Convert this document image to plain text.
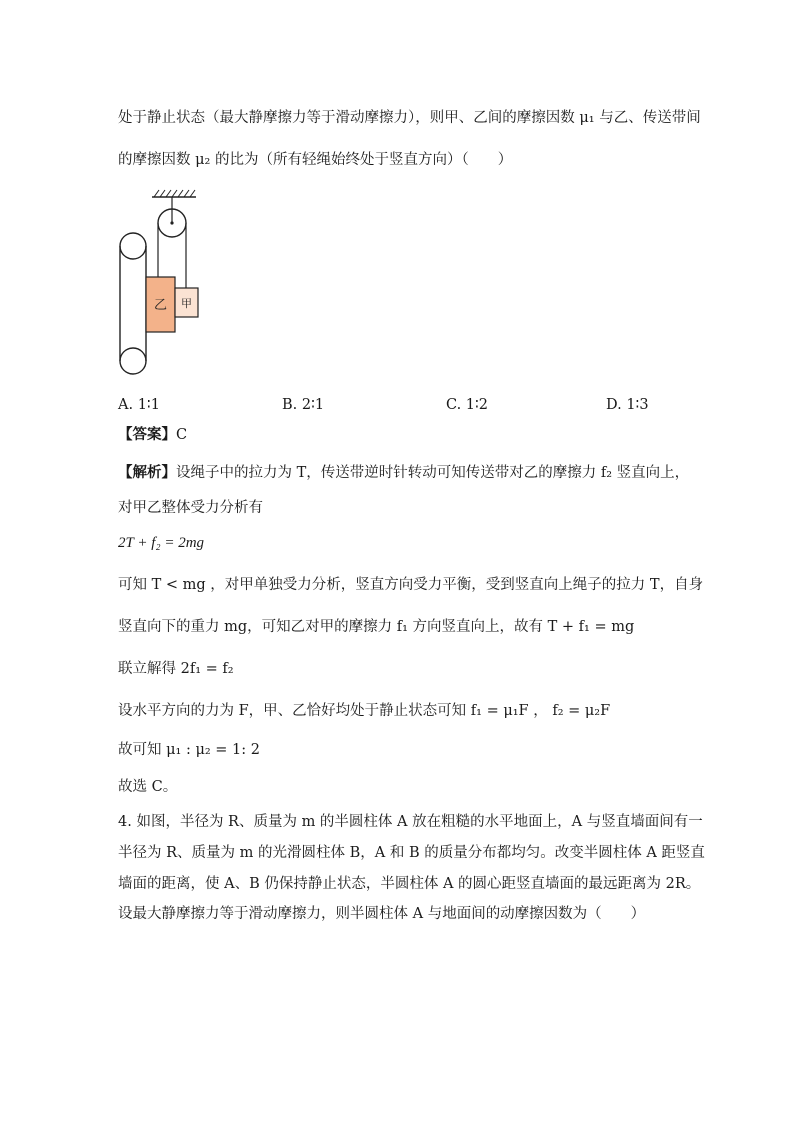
处于静止状态（最大静摩擦力等于滑动摩擦力），则甲、乙间的摩擦因数 μ₁ 与乙、传送带间
的摩擦因数 μ₂ 的比为（所有轻绳始终处于竖直方向）（　　）
乙 甲
A. 1∶1	B. 2∶1	C. 1∶2	D. 1∶3
【答案】C
【解析】设绳子中的拉力为 T，传送带逆时针转动可知传送带对乙的摩擦力 f₂ 竖直向上，
对甲乙整体受力分析有
2T + f₂ = 2mg
可知 T < mg ，对甲单独受力分析，竖直方向受力平衡，受到竖直向上绳子的拉力 T，自身
竖直向下的重力 mg，可知乙对甲的摩擦力 f₁ 方向竖直向上，故有 T + f₁ = mg
联立解得 2f₁ = f₂
设水平方向的力为 F，甲、乙恰好均处于静止状态可知 f₁ = μ₁F ， f₂ = μ₂F
故可知 μ₁ : μ₂ = 1: 2
故选 C。
4. 如图，半径为 R、质量为 m 的半圆柱体 A 放在粗糙的水平地面上，A 与竖直墙面间有一
半径为 R、质量为 m 的光滑圆柱体 B，A 和 B 的质量分布都均匀。改变半圆柱体 A 距竖直
墙面的距离，使 A、B 仍保持静止状态，半圆柱体 A 的圆心距竖直墙面的最远距离为 2R。
设最大静摩擦力等于滑动摩擦力，则半圆柱体 A 与地面间的动摩擦因数为（　　）
